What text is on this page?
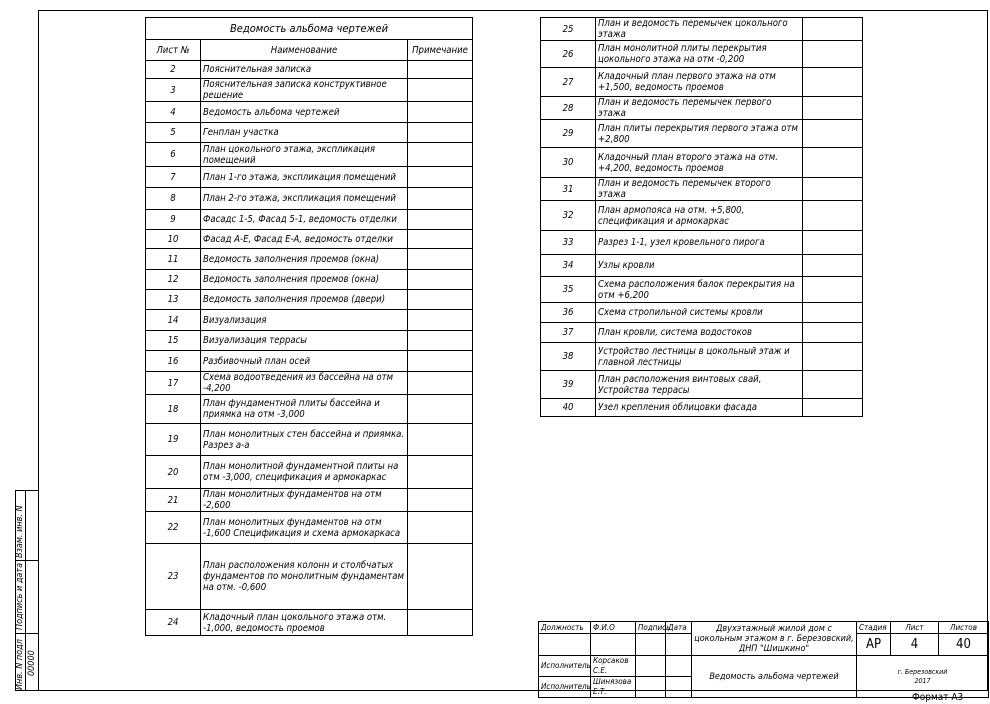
Взам. инв. N
Подпись и дата
Инв. N подл 00000
Ведомость альбома чертежей		
Лист №	Наименование	Примечание
2	Пояснительная записка	
3	Пояснительная записка конструктивное решение	
4	Ведомость альбома чертежей	
5	Генплан участка	
6	План цокольного этажа, экспликация помещений	
7	План 1-го этажа, экспликация помещений	
8	План 2-го этажа, экспликация помещений	
9	Фасадс 1-5, Фасад 5-1, ведомость отделки	
10	Фасад А-Е, Фасад Е-А, ведомость отделки	
11	Ведомость заполнения проемов (окна)	
12	Ведомость заполнения проемов (окна)	
13	Ведомость заполнения проемов (двери)	
14	Визуализация	
15	Визуализация террасы	
16	Разбивочный план осей	
17	Схема водоотведения из бассейна на отм -4,200	
18	План фундаментной плиты бассейна и приямка на отм -3,000	
19	План монолитных стен бассейна и приямка. Разрез а-а	
20	План монолитной фундаментной плиты на отм -3,000, спецификация и армокаркас	
21	План монолитных фундаментов на отм -2,600	
22	План монолитных фундаментов на отм -1,600 Спецификация и схема армокаркаса	
23	План расположения колонн и столбчатых фундаментов по монолитным фундаментам на отм. -0,600	
24	Кладочный план цокольного этажа отм. -1,000, ведомость проемов	
25	План и ведомость перемычек цокольного этажа	
26	План монолитной плиты перекрытия цокольного этажа на отм -0,200	
27	Кладочный план первого этажа на отм +1,500, ведомость проемов	
28	План и ведомость перемычек первого этажа	
29	План плиты перекрытия первого этажа отм +2,800	
30	Кладочный план второго этажа на отм. +4,200, ведомость проемов	
31	План и ведомость перемычек второго этажа	
32	План армопояса на отм. +5,800, спецификация и армокаркас	
33	Разрез 1-1, узел кровельного пирога	
34	Узлы кровли	
35	Схема расположения балок перекрытия на отм +6,200	
36	Схема стропильной системы кровли	
37	План кровли, система водостоков	
38	Устройство лестницы в цокольный этаж и главной лестницы	
39	План расположения винтовых свай, Устройства террасы	
40	Узел крепления облицовки фасада	
Должность	Ф.И.О	Подпись	Дата	Двухэтажный жилой дом с цокольным этажом в г. Березовский, ДНП "Шишкино"	Стадия	Лист	Листов
					АР	4	40
Исполнитель	Корсаков С.Е.			Ведомость альбома чертежей	г. Березовский
2017		

Исполнитель	Шинязова Е.Т.						
Формат А3
